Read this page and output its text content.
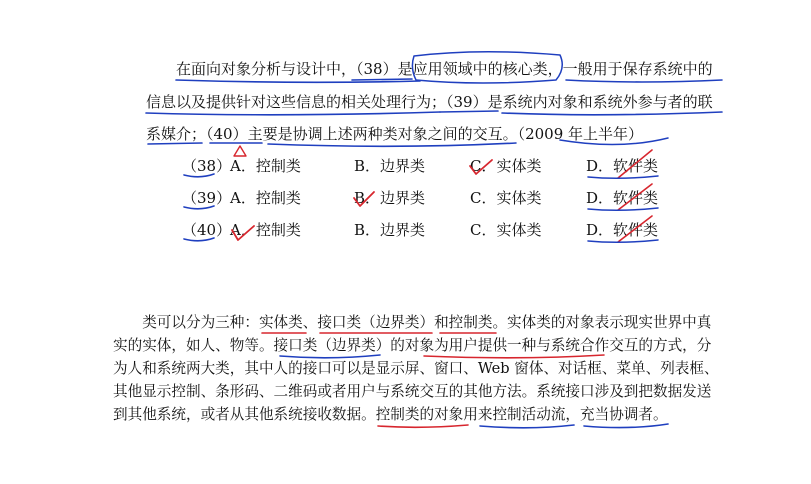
　　在面向对象分析与设计中，（38）是应用领域中的核心类，一般用于保存系统中的
信息以及提供针对这些信息的相关处理行为；（39）是系统内对象和系统外参与者的联
系媒介；（40）主要是协调上述两种类对象之间的交互。（2009 年上半年）
（38）
A．控制类	B．边界类	C．实体类	D．软件类
（39）
A．控制类	B．边界类	C．实体类	D．软件类
（40）
A．控制类	B．边界类	C．实体类	D．软件类
　　类可以分为三种：实体类、接口类（边界类）和控制类。实体类的对象表示现实世界中真
实的实体，如人、物等。接口类（边界类）的对象为用户提供一种与系统合作交互的方式，分
为人和系统两大类，其中人的接口可以是显示屏、窗口、Web 窗体、对话框、菜单、列表框、
其他显示控制、条形码、二维码或者用户与系统交互的其他方法。系统接口涉及到把数据发送
到其他系统，或者从其他系统接收数据。控制类的对象用来控制活动流，充当协调者。
